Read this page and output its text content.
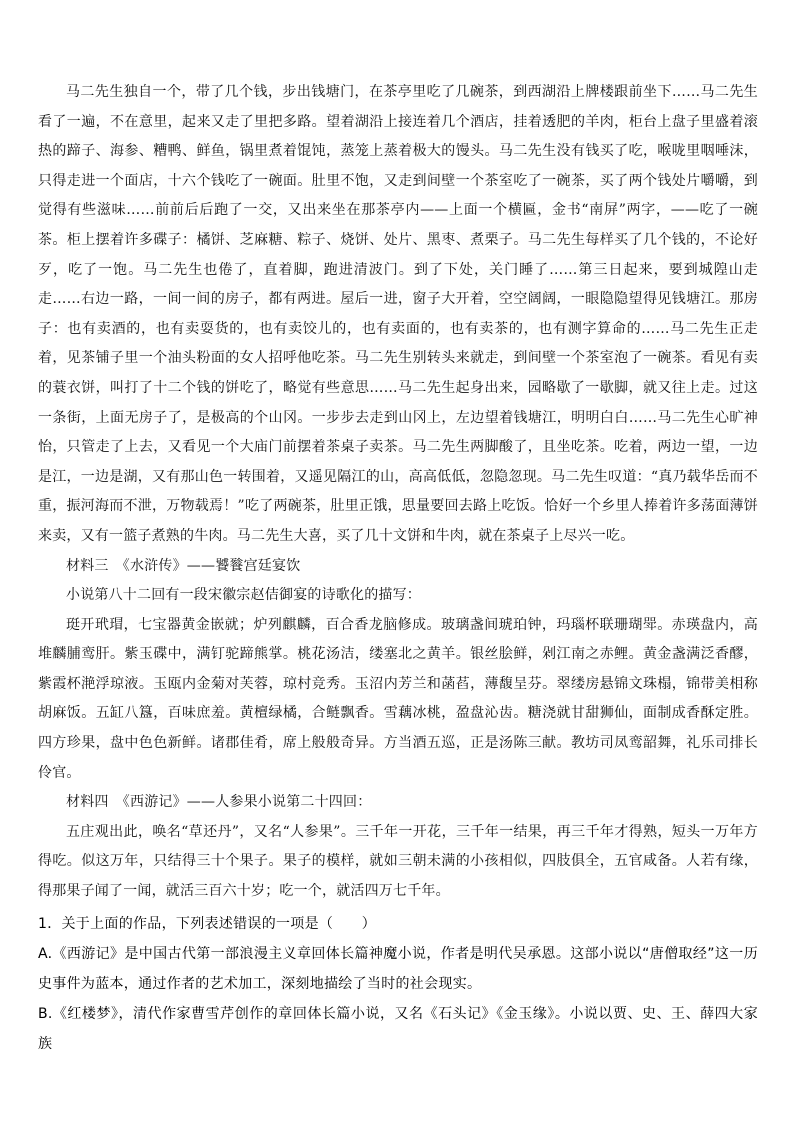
马二先生独自一个，带了几个钱，步出钱塘门，在茶亭里吃了几碗茶，到西湖沿上牌楼跟前坐下……马二先生看了一遍，不在意里，起来又走了里把多路。望着湖沿上接连着几个酒店，挂着透肥的羊肉，柜台上盘子里盛着滚热的蹄子、海参、糟鸭、鲜鱼，锅里煮着馄饨，蒸笼上蒸着极大的馒头。马二先生没有钱买了吃，喉咙里咽唾沫，只得走进一个面店，十六个钱吃了一碗面。肚里不饱，又走到间壁一个茶室吃了一碗茶，买了两个钱处片嚼嚼，到觉得有些滋味……前前后后跑了一交，又出来坐在那茶亭内——上面一个横匾，金书“南屏”两字，——吃了一碗茶。柜上摆着许多碟子：橘饼、芝麻糖、粽子、烧饼、处片、黑枣、煮栗子。马二先生每样买了几个钱的，不论好歹，吃了一饱。马二先生也倦了，直着脚，跑进清波门。到了下处，关门睡了……第三日起来，要到城隍山走走……右边一路，一间一间的房子，都有两进。屋后一进，窗子大开着，空空阔阔，一眼隐隐望得见钱塘江。那房子：也有卖酒的，也有卖耍货的，也有卖饺儿的，也有卖面的，也有卖茶的，也有测字算命的……马二先生正走着，见茶铺子里一个油头粉面的女人招呼他吃茶。马二先生别转头来就走，到间壁一个茶室泡了一碗茶。看见有卖的蓑衣饼，叫打了十二个钱的饼吃了，略觉有些意思……马二先生起身出来，园略歇了一歇脚，就又往上走。过这一条街，上面无房子了，是极高的个山冈。一步步去走到山冈上，左边望着钱塘江，明明白白……马二先生心旷神怡，只管走了上去，又看见一个大庙门前摆着茶桌子卖茶。马二先生两脚酸了，且坐吃茶。吃着，两边一望，一边是江，一边是湖，又有那山色一转围着，又遥见隔江的山，高高低低，忽隐忽现。马二先生叹道：“真乃载华岳而不重，振河海而不泄，万物载焉！”吃了两碗茶，肚里正饿，思量要回去路上吃饭。恰好一个乡里人捧着许多荡面薄饼来卖，又有一篮子煮熟的牛肉。马二先生大喜，买了几十文饼和牛肉，就在茶桌子上尽兴一吃。

材料三　《水浒传》——饕餮宫廷宴饮

小说第八十二回有一段宋徽宗赵佶御宴的诗歌化的描写：

珽开玳瑁，七宝器黄金嵌就；炉列麒麟，百合香龙脑修成。玻璃盏间琥珀钟，玛瑙杯联珊瑚斝。赤瑛盘内，高堆麟脯鸾肝。紫玉碟中，满钉驼蹄熊掌。桃花汤洁，缕塞北之黄羊。银丝脍鲜，剁江南之赤鲤。黄金盏满泛香醪，紫霞杯滟浮琼液。玉瓯内金菊对芙蓉，琼村竞秀。玉沼内芳兰和菡萏，薄馥呈芬。翠缕房悬锦文珠榻，锦带美相称胡麻饭。五缸八簋，百味庶羞。黄檀绿橘，合鲢飘香。雪藕冰桃，盈盘沁齿。糖浇就甘甜狮仙，面制成香酥定胜。四方珍果，盘中色色新鲜。诸郡佳肴，席上般般奇异。方当酒五巡，正是汤陈三献。教坊司凤鸾韶舞，礼乐司排长伶官。

材料四　《西游记》——人参果小说第二十四回：

五庄观出此，唤名“草还丹”，又名“人参果”。三千年一开花，三千年一结果，再三千年才得熟，短头一万年方得吃。似这万年，只结得三十个果子。果子的模样，就如三朝未满的小孩相似，四肢俱全，五官咸备。人若有缘，得那果子闻了一闻，就活三百六十岁；吃一个，就活四万七千年。

1．关于上面的作品，下列表述错误的一项是（　　）

A.《西游记》是中国古代第一部浪漫主义章回体长篇神魔小说，作者是明代吴承恩。这部小说以“唐僧取经”这一历史事件为蓝本，通过作者的艺术加工，深刻地描绘了当时的社会现实。

B.《红楼梦》，清代作家曹雪芹创作的章回体长篇小说，又名《石头记》《金玉缘》。小说以贾、史、王、薛四大家族
